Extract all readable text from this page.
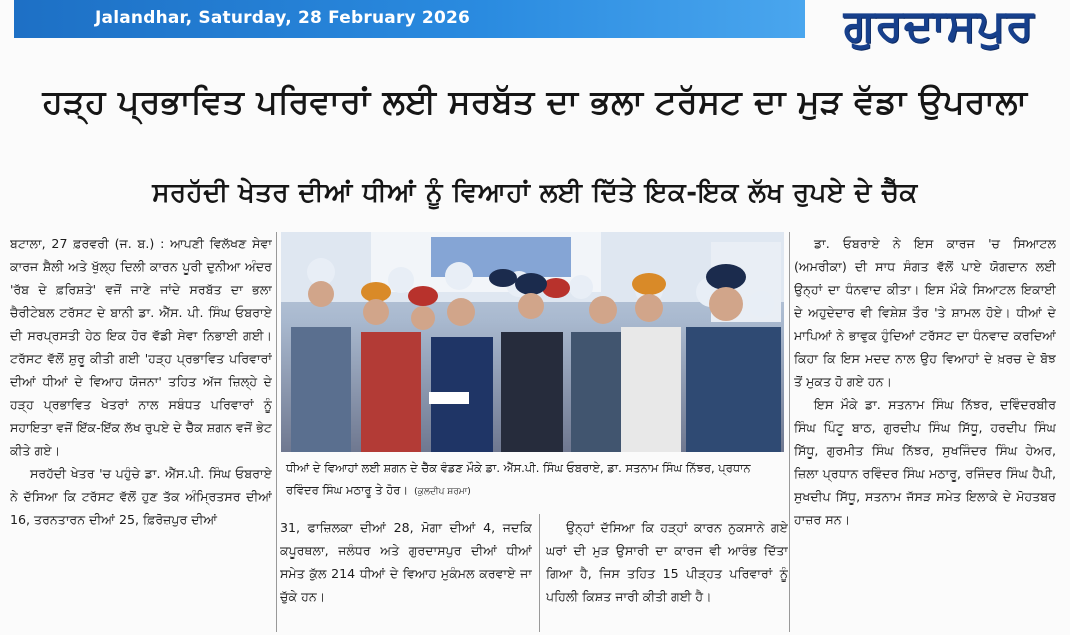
Jalandhar, Saturday, 28 February 2026	ਗੁਰਦਾਸਪੁਰ
ਹੜ੍ਹ ਪ੍ਰਭਾਵਿਤ ਪਰਿਵਾਰਾਂ ਲਈ ਸਰਬੱਤ ਦਾ ਭਲਾ ਟਰੱਸਟ ਦਾ ਮੁੜ ਵੱਡਾ ਉਪਰਾਲਾ
ਸਰਹੱਦੀ ਖੇਤਰ ਦੀਆਂ ਧੀਆਂ ਨੂੰ ਵਿਆਹਾਂ ਲਈ ਦਿੱਤੇ ਇਕ-ਇਕ ਲੱਖ ਰੁਪਏ ਦੇ ਚੈੱਕ

ਬਟਾਲਾ, 27 ਫ਼ਰਵਰੀ (ਜ. ਬ.) : ਆਪਣੀ ਵਿਲੱਖਣ ਸੇਵਾ ਕਾਰਜ ਸ਼ੈਲੀ ਅਤੇ ਖੁੱਲ੍ਹ ਦਿਲੀ ਕਾਰਨ ਪੂਰੀ ਦੁਨੀਆ ਅੰਦਰ 'ਰੱਬ ਦੇ ਫ਼ਰਿਸ਼ਤੇ' ਵਜੋਂ ਜਾਣੇ ਜਾਂਦੇ ਸਰਬੱਤ ਦਾ ਭਲਾ ਚੈਰੀਟੇਬਲ ਟਰੱਸਟ ਦੇ ਬਾਨੀ ਡਾ. ਐੱਸ. ਪੀ. ਸਿੰਘ ਓਬਰਾਏ ਦੀ ਸਰਪ੍ਰਸਤੀ ਹੇਠ ਇਕ ਹੋਰ ਵੱਡੀ ਸੇਵਾ ਨਿਭਾਈ ਗਈ। ਟਰੱਸਟ ਵੱਲੋਂ ਸ਼ੁਰੂ ਕੀਤੀ ਗਈ 'ਹੜ੍ਹ ਪ੍ਰਭਾਵਿਤ ਪਰਿਵਾਰਾਂ ਦੀਆਂ ਧੀਆਂ ਦੇ ਵਿਆਹ ਯੋਜਨਾ' ਤਹਿਤ ਅੱਜ ਜ਼ਿਲ੍ਹੇ ਦੇ ਹੜ੍ਹ ਪ੍ਰਭਾਵਿਤ ਖੇਤਰਾਂ ਨਾਲ ਸਬੰਧਤ ਪਰਿਵਾਰਾਂ ਨੂੰ ਸਹਾਇਤਾ ਵਜੋਂ ਇੱਕ-ਇੱਕ ਲੱਖ ਰੁਪਏ ਦੇ ਚੈੱਕ ਸ਼ਗਨ ਵਜੋਂ ਭੇਟ ਕੀਤੇ ਗਏ।

ਸਰਹੱਦੀ ਖੇਤਰ 'ਚ ਪਹੁੰਚੇ ਡਾ. ਐੱਸ.ਪੀ. ਸਿੰਘ ਓਬਰਾਏ ਨੇ ਦੱਸਿਆ ਕਿ ਟਰੱਸਟ ਵੱਲੋਂ ਹੁਣ ਤੱਕ ਅੰਮ੍ਰਿਤਸਰ ਦੀਆਂ 16, ਤਰਨਤਾਰਨ ਦੀਆਂ 25, ਫ਼ਿਰੋਜ਼ਪੁਰ ਦੀਆਂ

ਧੀਆਂ ਦੇ ਵਿਆਹਾਂ ਲਈ ਸ਼ਗਨ ਦੇ ਚੈੱਕ ਵੰਡਣ ਮੌਕੇ ਡਾ. ਐੱਸ.ਪੀ. ਸਿੰਘ ਓਬਰਾਏ, ਡਾ. ਸਤਨਾਮ ਸਿੰਘ ਨਿੱਝਰ, ਪ੍ਰਧਾਨ ਰਵਿੰਦਰ ਸਿੰਘ ਮਠਾਰੂ ਤੇ ਹੋਰ। (ਕੁਲਦੀਪ ਸ਼ਰਮਾ)

31, ਫਾਜ਼ਿਲਕਾ ਦੀਆਂ 28, ਮੋਗਾ ਦੀਆਂ 4, ਜਦਕਿ ਕਪੂਰਥਲਾ, ਜਲੰਧਰ ਅਤੇ ਗੁਰਦਾਸਪੁਰ ਦੀਆਂ ਧੀਆਂ ਸਮੇਤ ਕੁੱਲ 214 ਧੀਆਂ ਦੇ ਵਿਆਹ ਮੁਕੰਮਲ ਕਰਵਾਏ ਜਾ ਚੁੱਕੇ ਹਨ।

ਉਨ੍ਹਾਂ ਦੱਸਿਆ ਕਿ ਹੜ੍ਹਾਂ ਕਾਰਨ ਨੁਕਸਾਨੇ ਗਏ ਘਰਾਂ ਦੀ ਮੁੜ ਉਸਾਰੀ ਦਾ ਕਾਰਜ ਵੀ ਆਰੰਭ ਦਿੱਤਾ ਗਿਆ ਹੈ, ਜਿਸ ਤਹਿਤ 15 ਪੀੜ੍ਹਤ ਪਰਿਵਾਰਾਂ ਨੂੰ ਪਹਿਲੀ ਕਿਸ਼ਤ ਜਾਰੀ ਕੀਤੀ ਗਈ ਹੈ।

ਡਾ. ਓਬਰਾਏ ਨੇ ਇਸ ਕਾਰਜ 'ਚ ਸਿਆਟਲ (ਅਮਰੀਕਾ) ਦੀ ਸਾਧ ਸੰਗਤ ਵੱਲੋਂ ਪਾਏ ਯੋਗਦਾਨ ਲਈ ਉਨ੍ਹਾਂ ਦਾ ਧੰਨਵਾਦ ਕੀਤਾ। ਇਸ ਮੌਕੇ ਸਿਆਟਲ ਇਕਾਈ ਦੇ ਅਹੁਦੇਦਾਰ ਵੀ ਵਿਸ਼ੇਸ਼ ਤੌਰ 'ਤੇ ਸ਼ਾਮਲ ਹੋਏ। ਧੀਆਂ ਦੇ ਮਾਪਿਆਂ ਨੇ ਭਾਵੁਕ ਹੁੰਦਿਆਂ ਟਰੱਸਟ ਦਾ ਧੰਨਵਾਦ ਕਰਦਿਆਂ ਕਿਹਾ ਕਿ ਇਸ ਮਦਦ ਨਾਲ ਉਹ ਵਿਆਹਾਂ ਦੇ ਖ਼ਰਚ ਦੇ ਬੋਝ ਤੋਂ ਮੁਕਤ ਹੋ ਗਏ ਹਨ।

ਇਸ ਮੌਕੇ ਡਾ. ਸਤਨਾਮ ਸਿੰਘ ਨਿੱਝਰ, ਦਵਿੰਦਰਬੀਰ ਸਿੰਘ ਪਿੰਟੂ ਬਾਠ, ਗੁਰਦੀਪ ਸਿੰਘ ਸਿੱਧੂ, ਹਰਦੀਪ ਸਿੰਘ ਸਿੱਧੂ, ਗੁਰਮੀਤ ਸਿੰਘ ਨਿੱਝਰ, ਸੁਖਜਿੰਦਰ ਸਿੰਘ ਹੇਅਰ, ਜ਼ਿਲਾ ਪ੍ਰਧਾਨ ਰਵਿੰਦਰ ਸਿੰਘ ਮਠਾਰੂ, ਰਜਿੰਦਰ ਸਿੰਘ ਹੈਪੀ, ਸੁਖਦੀਪ ਸਿੱਧੂ, ਸਤਨਾਮ ਜੱਸੜ ਸਮੇਤ ਇਲਾਕੇ ਦੇ ਮੋਹਤਬਰ ਹਾਜ਼ਰ ਸਨ।
